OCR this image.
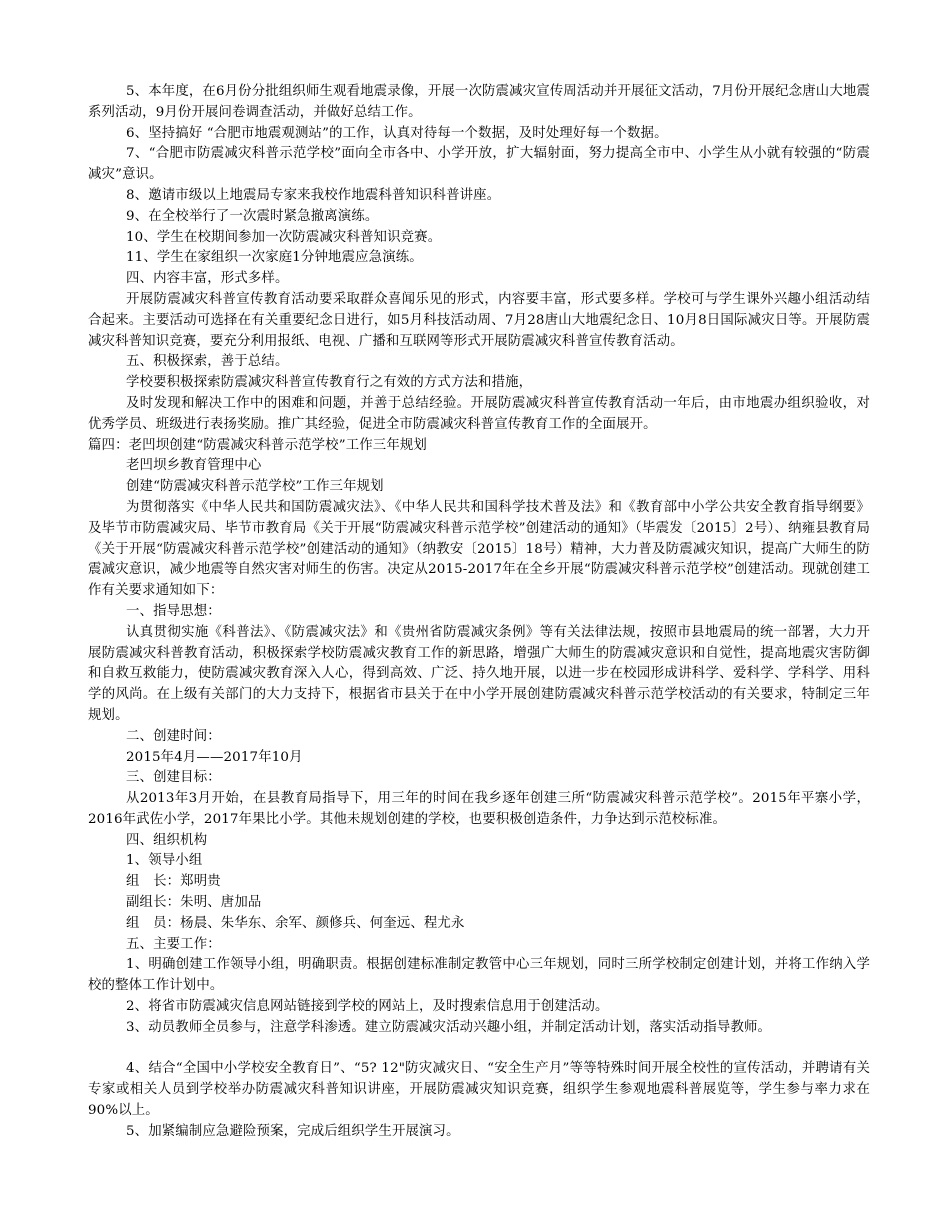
5、本年度，在6月份分批组织师生观看地震录像，开展一次防震减灾宣传周活动并开展征文活动，7月份开展纪念唐山大地震系列活动，9月份开展问卷调查活动，并做好总结工作。

6、坚持搞好 “合肥市地震观测站”的工作，认真对待每一个数据，及时处理好每一个数据。

7、“合肥市防震减灾科普示范学校”面向全市各中、小学开放，扩大辐射面，努力提高全市中、小学生从小就有较强的“防震减灾”意识。

8、邀请市级以上地震局专家来我校作地震科普知识科普讲座。

9、在全校举行了一次震时紧急撤离演练。

10、学生在校期间参加一次防震减灾科普知识竞赛。

11、学生在家组织一次家庭1分钟地震应急演练。

四、内容丰富，形式多样。

开展防震减灾科普宣传教育活动要采取群众喜闻乐见的形式，内容要丰富，形式要多样。学校可与学生课外兴趣小组活动结合起来。主要活动可选择在有关重要纪念日进行，如5月科技活动周、7月28唐山大地震纪念日、10月8日国际减灾日等。开展防震减灾科普知识竞赛，要充分利用报纸、电视、广播和互联网等形式开展防震减灾科普宣传教育活动。

五、积极探索，善于总结。

学校要积极探索防震减灾科普宣传教育行之有效的方式方法和措施，

及时发现和解决工作中的困难和问题，并善于总结经验。开展防震减灾科普宣传教育活动一年后，由市地震办组织验收，对优秀学员、班级进行表扬奖励。推广其经验，促进全市防震减灾科普宣传教育工作的全面展开。

篇四：老凹坝创建“防震减灾科普示范学校”工作三年规划

老凹坝乡教育管理中心

创建“防震减灾科普示范学校”工作三年规划

为贯彻落实《中华人民共和国防震减灾法》、《中华人民共和国科学技术普及法》和《教育部中小学公共安全教育指导纲要》及毕节市防震减灾局、毕节市教育局《关于开展“防震减灾科普示范学校”创建活动的通知》（毕震发〔2015〕2号）、纳雍县教育局《关于开展“防震减灾科普示范学校”创建活动的通知》（纳教安〔2015〕18号）精神，大力普及防震减灾知识，提高广大师生的防震减灾意识，减少地震等自然灾害对师生的伤害。决定从2015-2017年在全乡开展“防震减灾科普示范学校”创建活动。现就创建工作有关要求通知如下：

一、指导思想：

认真贯彻实施《科普法》、《防震减灾法》和《贵州省防震减灾条例》等有关法律法规，按照市县地震局的统一部署，大力开展防震减灾科普教育活动，积极探索学校防震减灾教育工作的新思路，增强广大师生的防震减灾意识和自觉性，提高地震灾害防御和自救互救能力，使防震减灾教育深入人心，得到高效、广泛、持久地开展，以进一步在校园形成讲科学、爱科学、学科学、用科学的风尚。在上级有关部门的大力支持下，根据省市县关于在中小学开展创建防震减灾科普示范学校活动的有关要求，特制定三年规划。

二、创建时间：

2015年4月——2017年10月

三、创建目标：

从2013年3月开始，在县教育局指导下，用三年的时间在我乡逐年创建三所“防震减灾科普示范学校”。2015年平寨小学，2016年武佐小学，2017年果比小学。其他未规划创建的学校，也要积极创造条件，力争达到示范校标准。

四、组织机构

1、领导小组

组　长：郑明贵

副组长：朱明、唐加品

组　员：杨晨、朱华东、余军、颜修兵、何奎远、程尤永

五、主要工作：

1、明确创建工作领导小组，明确职责。根据创建标准制定教管中心三年规划，同时三所学校制定创建计划，并将工作纳入学校的整体工作计划中。

2、将省市防震减灾信息网站链接到学校的网站上，及时搜索信息用于创建活动。

3、动员教师全员参与，注意学科渗透。建立防震减灾活动兴趣小组，并制定活动计划，落实活动指导教师。

4、结合“全国中小学校安全教育日”、“5? 12"防灾减灾日、“安全生产月”等等特殊时间开展全校性的宣传活动，并聘请有关专家或相关人员到学校举办防震减灾科普知识讲座，开展防震减灾知识竞赛，组织学生参观地震科普展览等，学生参与率力求在90%以上。

5、加紧编制应急避险预案，完成后组织学生开展演习。
